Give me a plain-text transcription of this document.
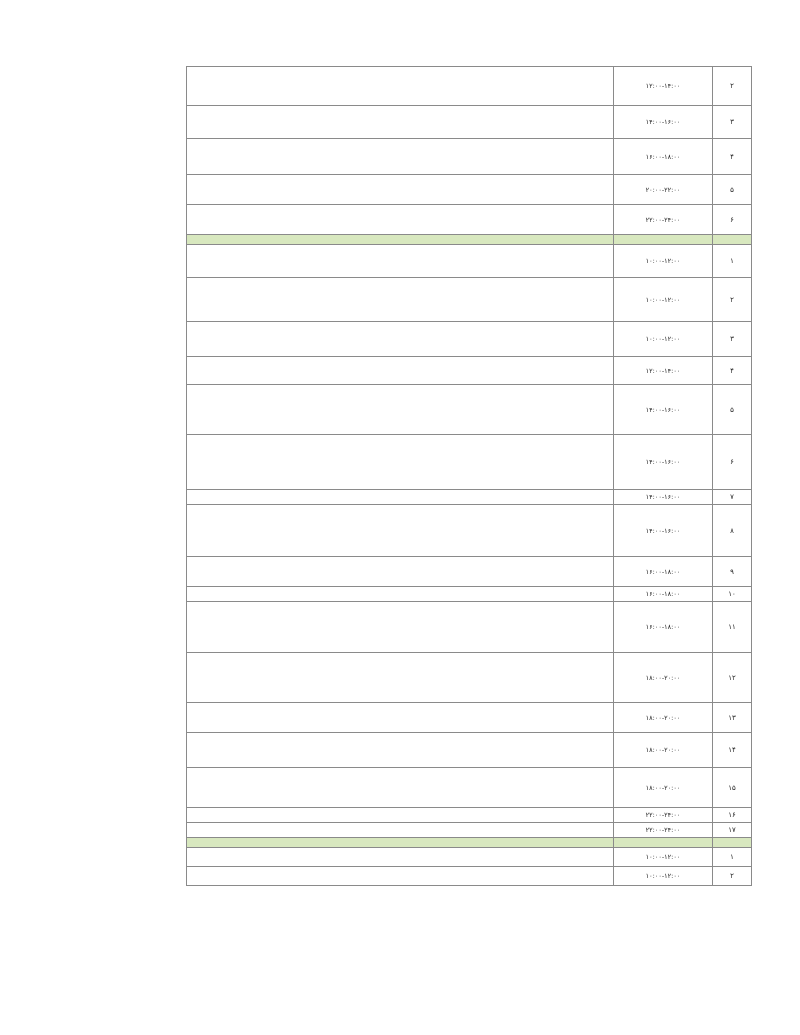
	۱۲:۰۰-۱۴:۰۰	۲
	۱۴:۰۰-۱۶:۰۰	۳
	۱۶:۰۰-۱۸:۰۰	۴
	۲۰:۰۰-۲۲:۰۰	۵
	۲۲:۰۰-۲۴:۰۰	۶

	۱۰:۰۰-۱۲:۰۰	۱
	۱۰:۰۰-۱۲:۰۰	۲
	۱۰:۰۰-۱۲:۰۰	۳
	۱۲:۰۰-۱۴:۰۰	۴
	۱۴:۰۰-۱۶:۰۰	۵
	۱۴:۰۰-۱۶:۰۰	۶
	۱۴:۰۰-۱۶:۰۰	۷
	۱۴:۰۰-۱۶:۰۰	۸
	۱۶:۰۰-۱۸:۰۰	۹
	۱۶:۰۰-۱۸:۰۰	۱۰
	۱۶:۰۰-۱۸:۰۰	۱۱
	۱۸:۰۰-۲۰:۰۰	۱۲
	۱۸:۰۰-۲۰:۰۰	۱۳
	۱۸:۰۰-۲۰:۰۰	۱۴
	۱۸:۰۰-۲۰:۰۰	۱۵
	۲۲:۰۰-۲۴:۰۰	۱۶
	۲۲:۰۰-۲۴:۰۰	۱۷

	۱۰:۰۰-۱۲:۰۰	۱
	۱۰:۰۰-۱۲:۰۰	۲
